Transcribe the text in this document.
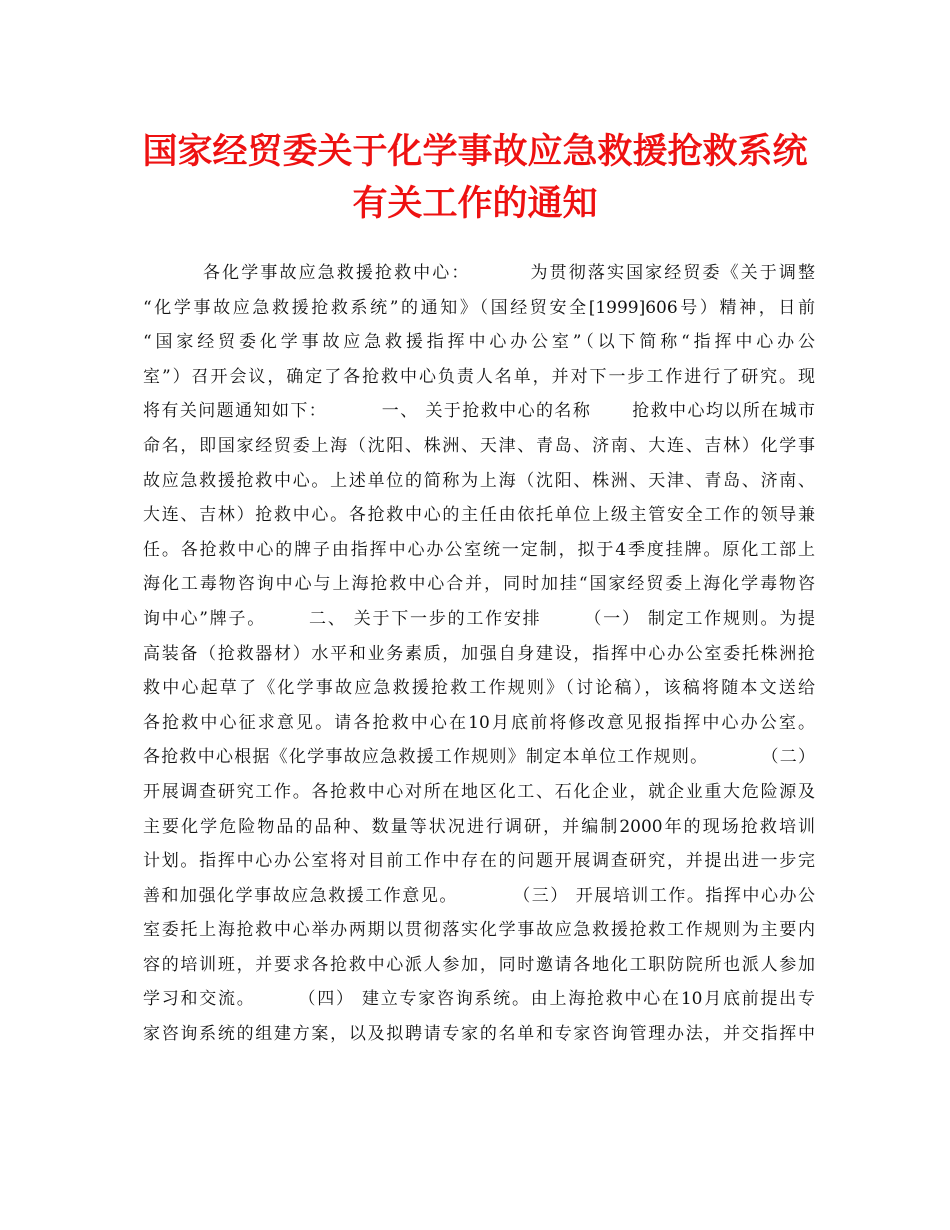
国家经贸委关于化学事故应急救援抢救系统
有关工作的通知
各化学事故应急救援抢救中心：        为贯彻落实国家经贸委《关于调整
“化学事故应急救援抢救系统”的通知》（国经贸安全[1999]606号）精神，日前
“国家经贸委化学事故应急救援指挥中心办公室”（以下简称“指挥中心办公
室”）召开会议，确定了各抢救中心负责人名单，并对下一步工作进行了研究。现
将有关问题通知如下：        一、 关于抢救中心的名称      抢救中心均以所在城市
命名，即国家经贸委上海（沈阳、株洲、天津、青岛、济南、大连、吉林）化学事
故应急救援抢救中心。上述单位的简称为上海（沈阳、株洲、天津、青岛、济南、
大连、吉林）抢救中心。各抢救中心的主任由依托单位上级主管安全工作的领导兼
任。各抢救中心的牌子由指挥中心办公室统一定制，拟于4季度挂牌。原化工部上
海化工毒物咨询中心与上海抢救中心合并，同时加挂“国家经贸委上海化学毒物咨
询中心”牌子。      二、 关于下一步的工作安排      （一） 制定工作规则。为提
高装备（抢救器材）水平和业务素质，加强自身建设，指挥中心办公室委托株洲抢
救中心起草了《化学事故应急救援抢救工作规则》（讨论稿），该稿将随本文送给
各抢救中心征求意见。请各抢救中心在10月底前将修改意见报指挥中心办公室。
各抢救中心根据《化学事故应急救援工作规则》制定本单位工作规则。        （二）
开展调查研究工作。各抢救中心对所在地区化工、石化企业，就企业重大危险源及
主要化学危险物品的品种、数量等状况进行调研，并编制2000年的现场抢救培训
计划。指挥中心办公室将对目前工作中存在的问题开展调查研究，并提出进一步完
善和加强化学事故应急救援工作意见。        （三） 开展培训工作。指挥中心办公
室委托上海抢救中心举办两期以贯彻落实化学事故应急救援抢救工作规则为主要内
容的培训班，并要求各抢救中心派人参加，同时邀请各地化工职防院所也派人参加
学习和交流。      （四） 建立专家咨询系统。由上海抢救中心在10月底前提出专
家咨询系统的组建方案，以及拟聘请专家的名单和专家咨询管理办法，并交指挥中
